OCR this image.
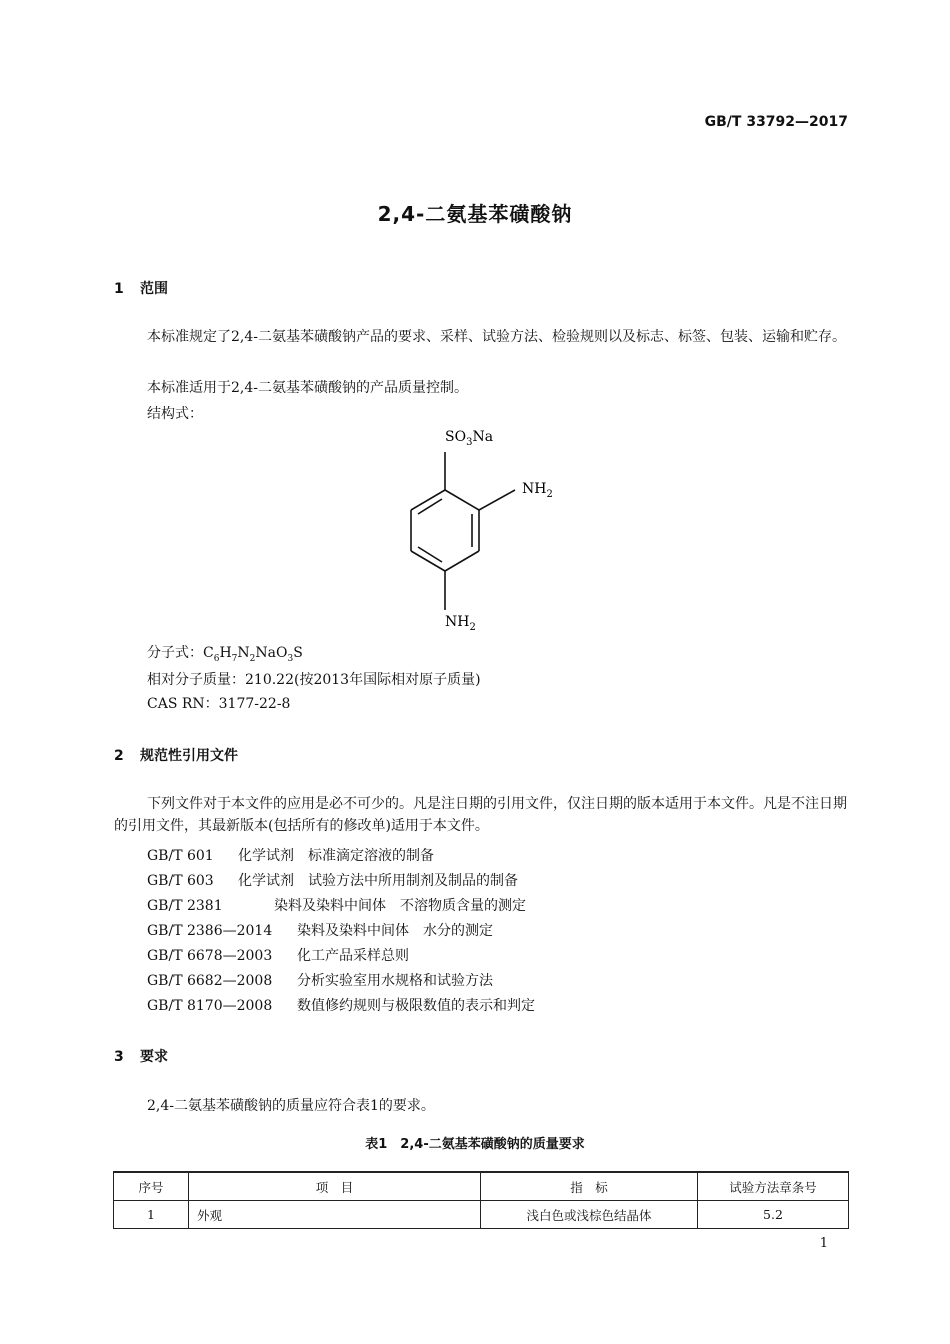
GB/T 33792—2017
2,4-二氨基苯磺酸钠
1 范围
本标准规定了2,4-二氨基苯磺酸钠产品的要求、采样、试验方法、检验规则以及标志、标签、包装、运输和贮存。
本标准适用于2,4-二氨基苯磺酸钠的产品质量控制。
结构式：
$SO_3Na$
$NH_2$
$NH_2$
分子式：$C_6H_7N_2NaO_3S$
相对分子质量：210.22(按2013年国际相对原子质量)
CAS RN：3177-22-8
2 规范性引用文件
下列文件对于本文件的应用是必不可少的。凡是注日期的引用文件，仅注日期的版本适用于本文件。凡是不注日期的引用文件，其最新版本(包括所有的修改单)适用于本文件。
GB/T 601 化学试剂　标准滴定溶液的制备
GB/T 603 化学试剂　试验方法中所用制剂及制品的制备
GB/T 2381	染料及染料中间体　不溶物质含量的测定
GB/T 2386—2014 染料及染料中间体　水分的测定
GB/T 6678—2003 化工产品采样总则
GB/T 6682—2008 分析实验室用水规格和试验方法
GB/T 8170—2008 数值修约规则与极限数值的表示和判定
3 要求
2,4-二氨基苯磺酸钠的质量应符合表1的要求。
表1　2,4-二氨基苯磺酸钠的质量要求
序号	项　目	指　标	试验方法章条号
1	外观	浅白色或浅棕色结晶体	5.2
1
